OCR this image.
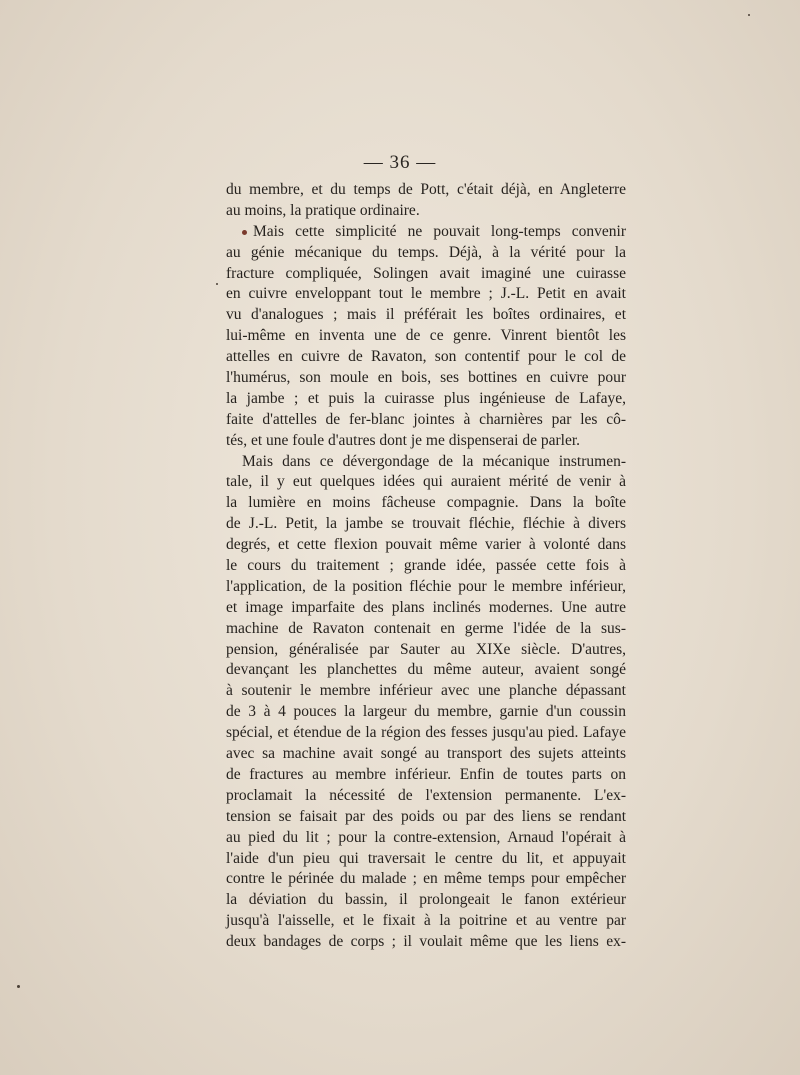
— 36 —
du membre, et du temps de Pott, c'était déjà, en Angleterre
au moins, la pratique ordinaire.
Mais cette simplicité ne pouvait long-temps convenir
au génie mécanique du temps. Déjà, à la vérité pour la
fracture compliquée, Solingen avait imaginé une cuirasse
en cuivre enveloppant tout le membre ; J.-L. Petit en avait
vu d'analogues ; mais il préférait les boîtes ordinaires, et
lui-même en inventa une de ce genre. Vinrent bientôt les
attelles en cuivre de Ravaton, son contentif pour le col de
l'humérus, son moule en bois, ses bottines en cuivre pour
la jambe ; et puis la cuirasse plus ingénieuse de Lafaye,
faite d'attelles de fer-blanc jointes à charnières par les cô-
tés, et une foule d'autres dont je me dispenserai de parler.
Mais dans ce dévergondage de la mécanique instrumen-
tale, il y eut quelques idées qui auraient mérité de venir à
la lumière en moins fâcheuse compagnie. Dans la boîte
de J.-L. Petit, la jambe se trouvait fléchie, fléchie à divers
degrés, et cette flexion pouvait même varier à volonté dans
le cours du traitement ; grande idée, passée cette fois à
l'application, de la position fléchie pour le membre inférieur,
et image imparfaite des plans inclinés modernes. Une autre
machine de Ravaton contenait en germe l'idée de la sus-
pension, généralisée par Sauter au XIXe siècle. D'autres,
devançant les planchettes du même auteur, avaient songé
à soutenir le membre inférieur avec une planche dépassant
de 3 à 4 pouces la largeur du membre, garnie d'un coussin
spécial, et étendue de la région des fesses jusqu'au pied. Lafaye
avec sa machine avait songé au transport des sujets atteints
de fractures au membre inférieur. Enfin de toutes parts on
proclamait la nécessité de l'extension permanente. L'ex-
tension se faisait par des poids ou par des liens se rendant
au pied du lit ; pour la contre-extension, Arnaud l'opérait à
l'aide d'un pieu qui traversait le centre du lit, et appuyait
contre le périnée du malade ; en même temps pour empêcher
la déviation du bassin, il prolongeait le fanon extérieur
jusqu'à l'aisselle, et le fixait à la poitrine et au ventre par
deux bandages de corps ; il voulait même que les liens ex-
